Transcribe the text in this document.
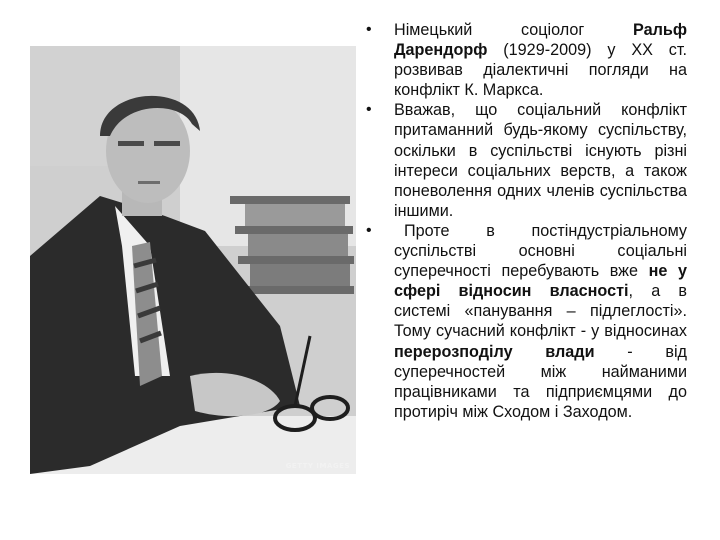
GETTY IMAGES
• Німецький соціолог Ральф Дарендорф (1929-2009) у ХХ ст. розвивав діалектичні погляди на конфлікт К. Маркса.
• Вважав, що соціальний конфлікт притаманний будь-якому суспільству, оскільки в суспільстві існують різні інтереси соціальних верств, а також поневолення одних членів суспільства іншими.
• Проте в постіндустріальному суспільстві основні соціальні суперечності перебувають вже не у сфері відносин власності, а в системі «панування – підлеглості». Тому сучасний конфлікт - у відносинах перерозподілу влади - від суперечностей між найманими працівниками та підприємцями до протиріч між Сходом і Заходом.
